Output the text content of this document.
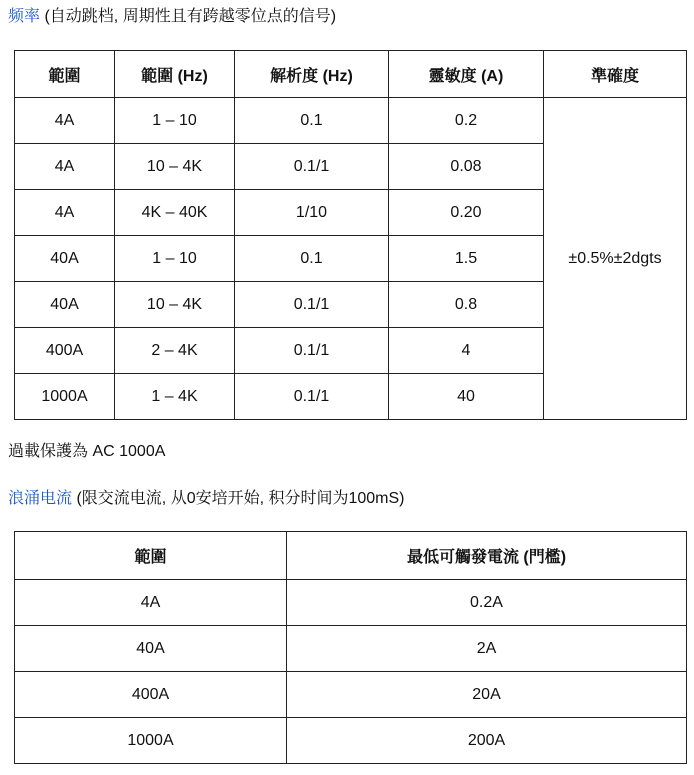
频率 (自动跳档, 周期性且有跨越零位点的信号)
範圍	範圍 (Hz)	解析度 (Hz)	靈敏度 (A)	準確度
4A	1 – 10	0.1	0.2	±0.5%±2dgts
4A	10 – 4K	0.1/1	0.08	
4A	4K – 40K	1/10	0.20	
40A	1 – 10	0.1	1.5	
40A	10 – 4K	0.1/1	0.8	
400A	2 – 4K	0.1/1	4	
1000A	1 – 4K	0.1/1	40	
過載保護為 AC 1000A
浪涌电流 (限交流电流, 从0安培开始, 积分时间为100mS)
範圍	最低可觸發電流 (門檻)
4A	0.2A
40A	2A
400A	20A
1000A	200A
